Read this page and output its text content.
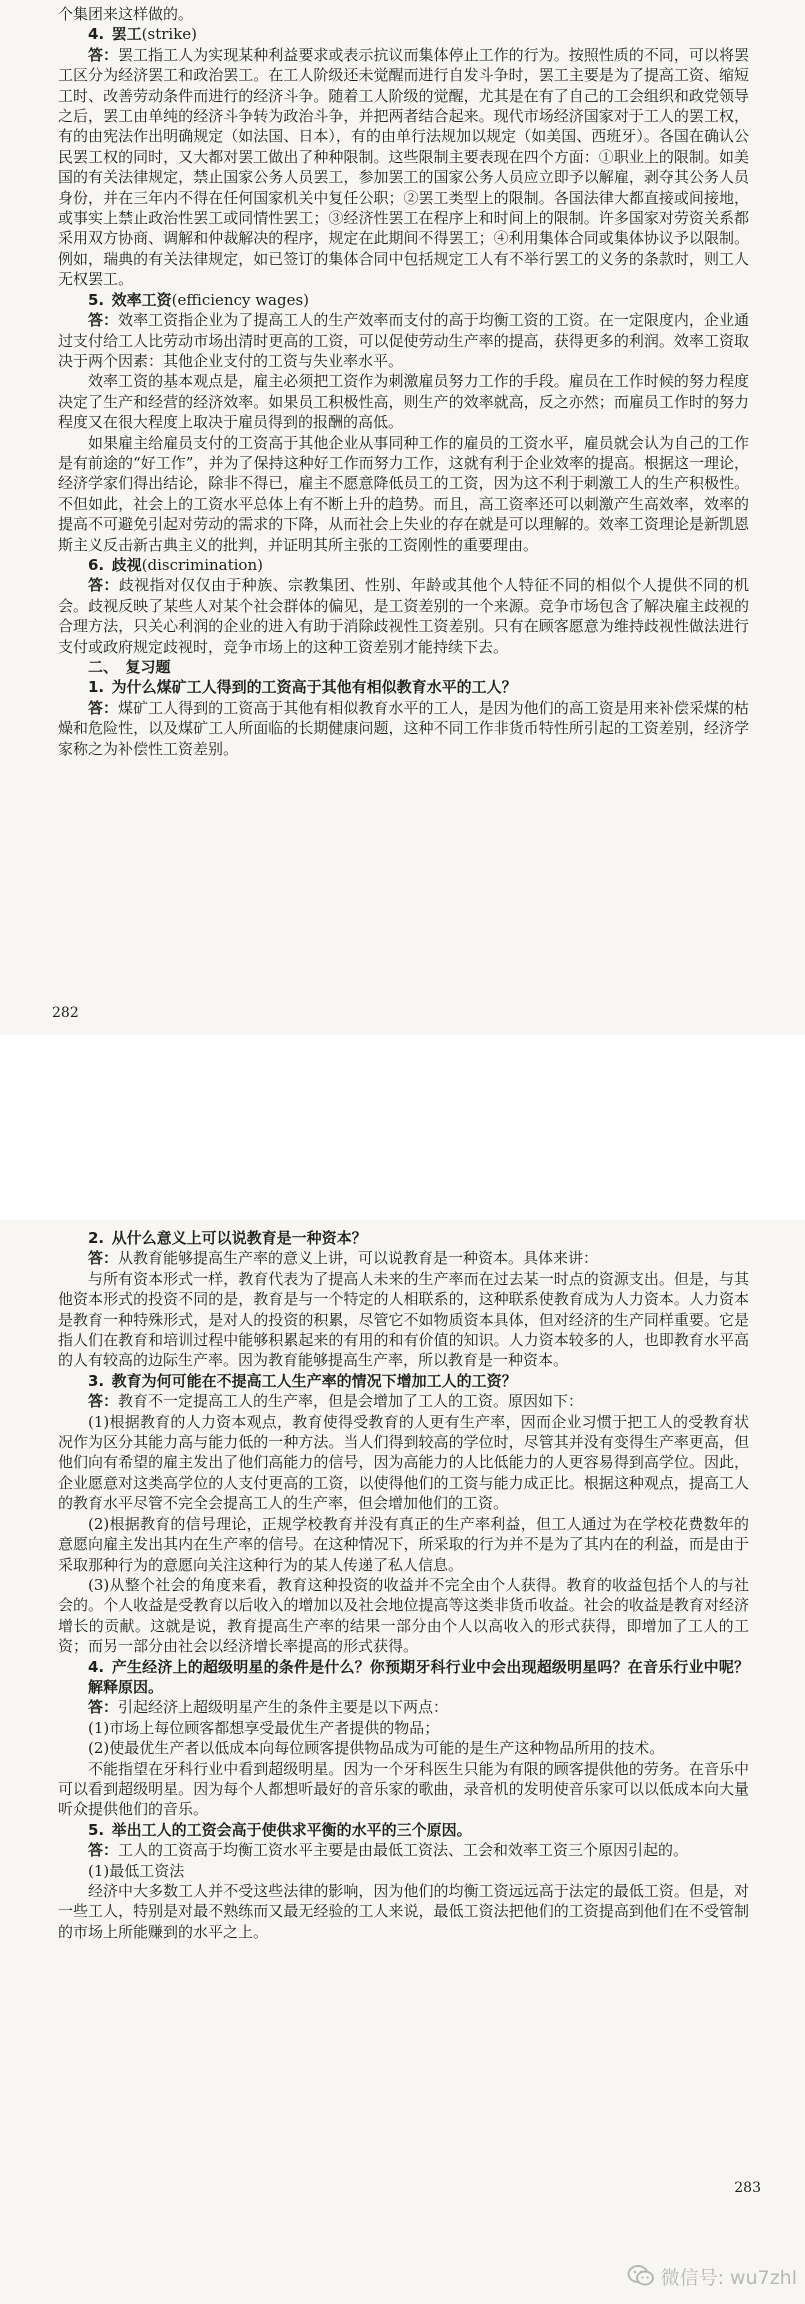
个集团来这样做的。
4. 罢工(strike)
答：罢工指工人为实现某种利益要求或表示抗议而集体停止工作的行为。按照性质的不同，可以将罢工区分为经济罢工和政治罢工。在工人阶级还未觉醒而进行自发斗争时，罢工主要是为了提高工资、缩短工时、改善劳动条件而进行的经济斗争。随着工人阶级的觉醒，尤其是在有了自己的工会组织和政党领导之后，罢工由单纯的经济斗争转为政治斗争，并把两者结合起来。现代市场经济国家对于工人的罢工权，有的由宪法作出明确规定（如法国、日本），有的由单行法规加以规定（如美国、西班牙）。各国在确认公民罢工权的同时，又大都对罢工做出了种种限制。这些限制主要表现在四个方面：①职业上的限制。如美国的有关法律规定，禁止国家公务人员罢工，参加罢工的国家公务人员应立即予以解雇，剥夺其公务人员身份，并在三年内不得在任何国家机关中复任公职；②罢工类型上的限制。各国法律大都直接或间接地，或事实上禁止政治性罢工或同情性罢工；③经济性罢工在程序上和时间上的限制。许多国家对劳资关系都采用双方协商、调解和仲裁解决的程序，规定在此期间不得罢工；④利用集体合同或集体协议予以限制。例如，瑞典的有关法律规定，如已签订的集体合同中包括规定工人有不举行罢工的义务的条款时，则工人无权罢工。
5. 效率工资(efficiency wages)
答：效率工资指企业为了提高工人的生产效率而支付的高于均衡工资的工资。在一定限度内，企业通过支付给工人比劳动市场出清时更高的工资，可以促使劳动生产率的提高，获得更多的利润。效率工资取决于两个因素：其他企业支付的工资与失业率水平。
效率工资的基本观点是，雇主必须把工资作为刺激雇员努力工作的手段。雇员在工作时候的努力程度决定了生产和经营的经济效率。如果员工积极性高，则生产的效率就高，反之亦然；而雇员工作时的努力程度又在很大程度上取决于雇员得到的报酬的高低。
如果雇主给雇员支付的工资高于其他企业从事同种工作的雇员的工资水平，雇员就会认为自己的工作是有前途的“好工作”，并为了保持这种好工作而努力工作，这就有利于企业效率的提高。根据这一理论，经济学家们得出结论，除非不得已，雇主不愿意降低员工的工资，因为这不利于刺激工人的生产积极性。不但如此，社会上的工资水平总体上有不断上升的趋势。而且，高工资率还可以刺激产生高效率，效率的提高不可避免引起对劳动的需求的下降，从而社会上失业的存在就是可以理解的。效率工资理论是新凯恩斯主义反击新古典主义的批判，并证明其所主张的工资刚性的重要理由。
6. 歧视(discrimination)
答：歧视指对仅仅由于种族、宗教集团、性别、年龄或其他个人特征不同的相似个人提供不同的机会。歧视反映了某些人对某个社会群体的偏见，是工资差别的一个来源。竞争市场包含了解决雇主歧视的合理方法，只关心利润的企业的进入有助于消除歧视性工资差别。只有在顾客愿意为维持歧视性做法进行支付或政府规定歧视时，竞争市场上的这种工资差别才能持续下去。
二、 复习题
1. 为什么煤矿工人得到的工资高于其他有相似教育水平的工人？
答：煤矿工人得到的工资高于其他有相似教育水平的工人，是因为他们的高工资是用来补偿采煤的枯燥和危险性，以及煤矿工人所面临的长期健康问题，这种不同工作非货币特性所引起的工资差别，经济学家称之为补偿性工资差别。
282
2. 从什么意义上可以说教育是一种资本？
答：从教育能够提高生产率的意义上讲，可以说教育是一种资本。具体来讲：
与所有资本形式一样，教育代表为了提高人未来的生产率而在过去某一时点的资源支出。但是，与其他资本形式的投资不同的是，教育是与一个特定的人相联系的，这种联系使教育成为人力资本。人力资本是教育一种特殊形式，是对人的投资的积累，尽管它不如物质资本具体，但对经济的生产同样重要。它是指人们在教育和培训过程中能够积累起来的有用的和有价值的知识。人力资本较多的人，也即教育水平高的人有较高的边际生产率。因为教育能够提高生产率，所以教育是一种资本。
3. 教育为何可能在不提高工人生产率的情况下增加工人的工资？
答：教育不一定提高工人的生产率，但是会增加了工人的工资。原因如下：
(1)根据教育的人力资本观点，教育使得受教育的人更有生产率，因而企业习惯于把工人的受教育状况作为区分其能力高与能力低的一种方法。当人们得到较高的学位时，尽管其并没有变得生产率更高，但他们向有希望的雇主发出了他们高能力的信号，因为高能力的人比低能力的人更容易得到高学位。因此，企业愿意对这类高学位的人支付更高的工资，以使得他们的工资与能力成正比。根据这种观点，提高工人的教育水平尽管不完全会提高工人的生产率，但会增加他们的工资。
(2)根据教育的信号理论，正规学校教育并没有真正的生产率利益，但工人通过为在学校花费数年的意愿向雇主发出其内在生产率的信号。在这种情况下，所采取的行为并不是为了其内在的利益，而是由于采取那种行为的意愿向关注这种行为的某人传递了私人信息。
(3)从整个社会的角度来看，教育这种投资的收益并不完全由个人获得。教育的收益包括个人的与社会的。个人收益是受教育以后收入的增加以及社会地位提高等这类非货币收益。社会的收益是教育对经济增长的贡献。这就是说，教育提高生产率的结果一部分由个人以高收入的形式获得，即增加了工人的工资；而另一部分由社会以经济增长率提高的形式获得。
4. 产生经济上的超级明星的条件是什么？你预期牙科行业中会出现超级明星吗？在音乐行业中呢？解释原因。
答：引起经济上超级明星产生的条件主要是以下两点：
(1)市场上每位顾客都想享受最优生产者提供的物品；
(2)使最优生产者以低成本向每位顾客提供物品成为可能的是生产这种物品所用的技术。
不能指望在牙科行业中看到超级明星。因为一个牙科医生只能为有限的顾客提供他的劳务。在音乐中可以看到超级明星。因为每个人都想听最好的音乐家的歌曲，录音机的发明使音乐家可以以低成本向大量听众提供他们的音乐。
5. 举出工人的工资会高于使供求平衡的水平的三个原因。
答：工人的工资高于均衡工资水平主要是由最低工资法、工会和效率工资三个原因引起的。
(1)最低工资法
经济中大多数工人并不受这些法律的影响，因为他们的均衡工资远远高于法定的最低工资。但是，对一些工人，特别是对最不熟练而又最无经验的工人来说，最低工资法把他们的工资提高到他们在不受管制的市场上所能赚到的水平之上。
283
微信号: wu7zhl
